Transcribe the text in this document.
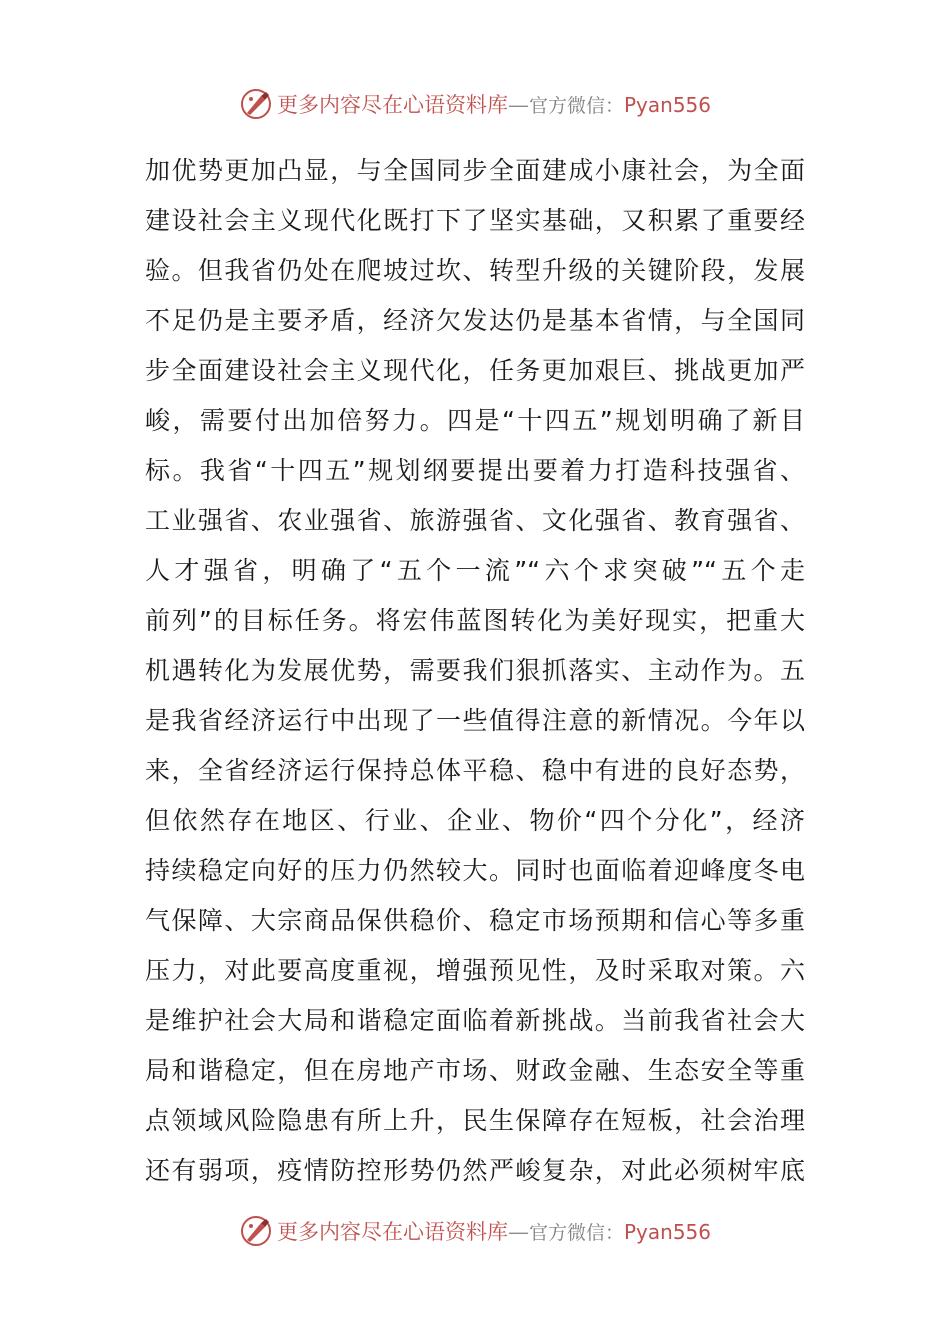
更多内容尽在心语资料库—官方微信：Pyan556
加优势更加凸显，与全国同步全面建成小康社会，为全面
建设社会主义现代化既打下了坚实基础，又积累了重要经
验。但我省仍处在爬坡过坎、转型升级的关键阶段，发展
不足仍是主要矛盾，经济欠发达仍是基本省情，与全国同
步全面建设社会主义现代化，任务更加艰巨、挑战更加严
峻，需要付出加倍努力。四是“十四五”规划明确了新目
标。我省“十四五”规划纲要提出要着力打造科技强省、
工业强省、农业强省、旅游强省、文化强省、教育强省、
人才强省，明确了“五个一流”“六个求突破”“五个走
前列”的目标任务。将宏伟蓝图转化为美好现实，把重大
机遇转化为发展优势，需要我们狠抓落实、主动作为。五
是我省经济运行中出现了一些值得注意的新情况。今年以
来，全省经济运行保持总体平稳、稳中有进的良好态势，
但依然存在地区、行业、企业、物价“四个分化”，经济
持续稳定向好的压力仍然较大。同时也面临着迎峰度冬电
气保障、大宗商品保供稳价、稳定市场预期和信心等多重
压力，对此要高度重视，增强预见性，及时采取对策。六
是维护社会大局和谐稳定面临着新挑战。当前我省社会大
局和谐稳定，但在房地产市场、财政金融、生态安全等重
点领域风险隐患有所上升，民生保障存在短板，社会治理
还有弱项，疫情防控形势仍然严峻复杂，对此必须树牢底
更多内容尽在心语资料库—官方微信：Pyan556
